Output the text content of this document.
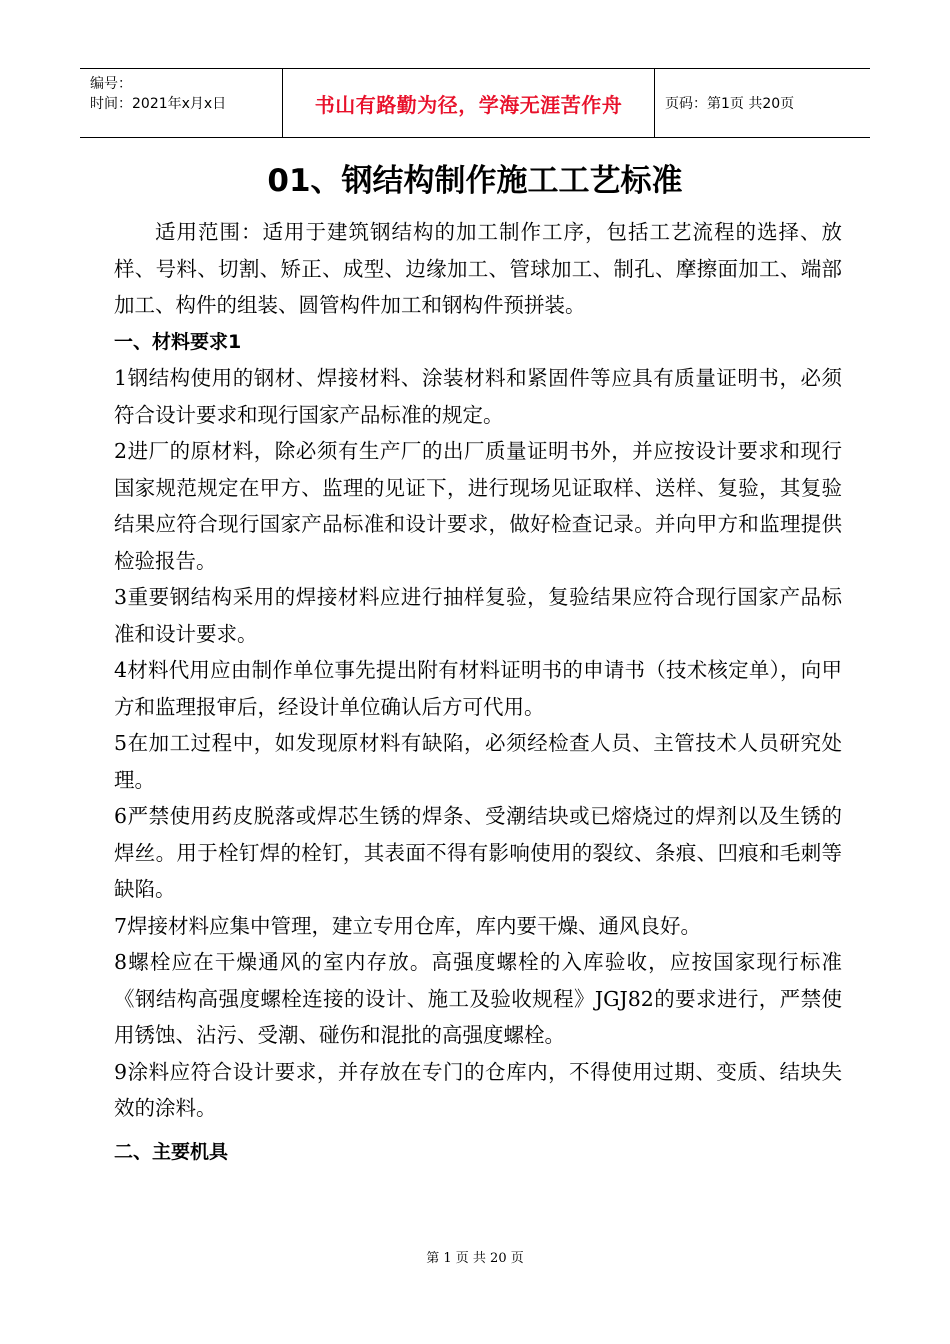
编号：
时间：2021年x月x日	书山有路勤为径，学海无涯苦作舟	页码：第1页 共20页
01、钢结构制作施工工艺标准

适用范围：适用于建筑钢结构的加工制作工序，包括工艺流程的选择、放样、号料、切割、矫正、成型、边缘加工、管球加工、制孔、摩擦面加工、端部加工、构件的组装、圆管构件加工和钢构件预拼装。

一、材料要求1

1钢结构使用的钢材、焊接材料、涂装材料和紧固件等应具有质量证明书，必须符合设计要求和现行国家产品标准的规定。

2进厂的原材料，除必须有生产厂的出厂质量证明书外，并应按设计要求和现行国家规范规定在甲方、监理的见证下，进行现场见证取样、送样、复验，其复验结果应符合现行国家产品标准和设计要求，做好检查记录。并向甲方和监理提供检验报告。

3重要钢结构采用的焊接材料应进行抽样复验，复验结果应符合现行国家产品标准和设计要求。

4材料代用应由制作单位事先提出附有材料证明书的申请书（技术核定单），向甲方和监理报审后，经设计单位确认后方可代用。

5在加工过程中，如发现原材料有缺陷，必须经检查人员、主管技术人员研究处理。

6严禁使用药皮脱落或焊芯生锈的焊条、受潮结块或已熔烧过的焊剂以及生锈的焊丝。用于栓钉焊的栓钉，其表面不得有影响使用的裂纹、条痕、凹痕和毛刺等缺陷。

7焊接材料应集中管理，建立专用仓库，库内要干燥、通风良好。

8螺栓应在干燥通风的室内存放。高强度螺栓的入库验收，应按国家现行标准《钢结构高强度螺栓连接的设计、施工及验收规程》JGJ82的要求进行，严禁使用锈蚀、沾污、受潮、碰伤和混批的高强度螺栓。

9涂料应符合设计要求，并存放在专门的仓库内，不得使用过期、变质、结块失效的涂料。

二、主要机具

第 1 页 共 20 页
